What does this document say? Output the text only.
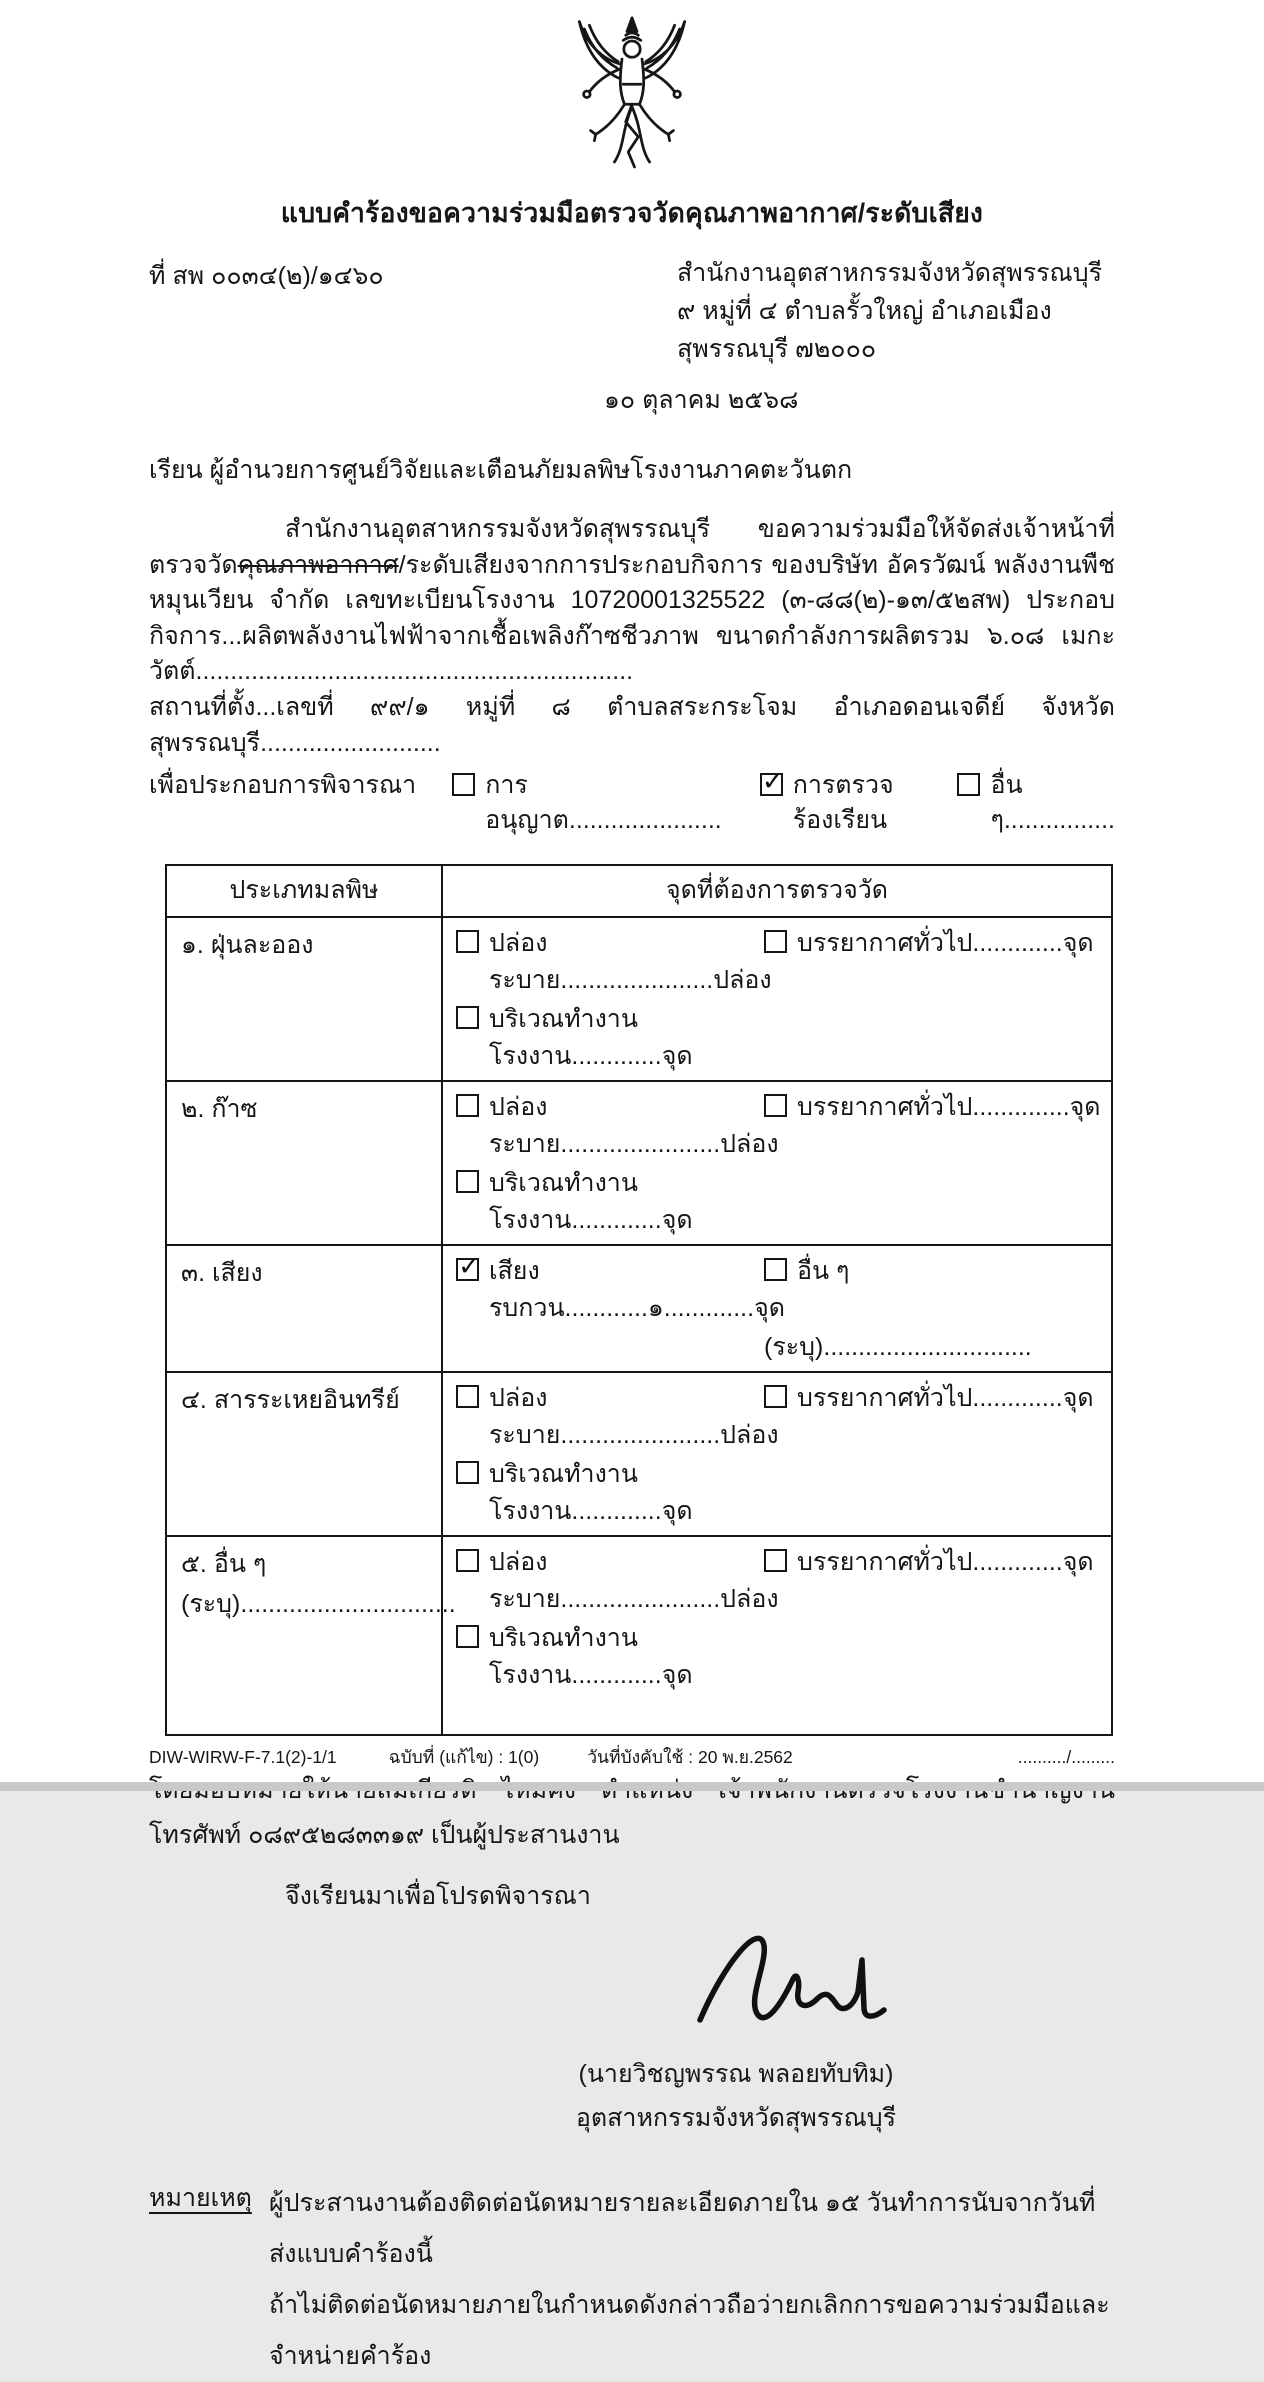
แบบคำร้องขอความร่วมมือตรวจวัดคุณภาพอากาศ/ระดับเสียง
ที่ สพ ๐๐๓๔(๒)/๑๔๖๐	สำนักงานอุตสาหกรรมจังหวัดสุพรรณบุรี
๙ หมู่ที่ ๔ ตำบลรั้วใหญ่ อำเภอเมือง
สุพรรณบุรี ๗๒๐๐๐
๑๐ ตุลาคม ๒๕๖๘
เรียน ผู้อำนวยการศูนย์วิจัยและเตือนภัยมลพิษโรงงานภาคตะวันตก
สำนักงานอุตสาหกรรมจังหวัดสุพรรณบุรี ขอความร่วมมือให้จัดส่งเจ้าหน้าที่ตรวจวัดคุณภาพอากาศ/ระดับเสียงจากการประกอบกิจการ ของบริษัท อัครวัฒน์ พลังงานพืชหมุนเวียน จำกัด เลขทะเบียนโรงงาน 10720001325522 (๓-๘๘(๒)-๑๓/๕๒สพ) ประกอบกิจการ...ผลิตพลังงานไฟฟ้าจากเชื้อเพลิงก๊าซชีวภาพ ขนาดกำลังการผลิตรวม ๖.๐๘ เมกะวัตต์...............................................................
สถานที่ตั้ง...เลขที่ ๙๙/๑ หมู่ที่ ๘ ตำบลสระกระโจม อำเภอดอนเจดีย์ จังหวัดสุพรรณบุรี..........................
เพื่อประกอบการพิจารณา	การอนุญาต......................
✓ การตรวจร้องเรียน
อื่น ๆ................
ประเภทมลพิษ	จุดที่ต้องการตรวจวัด

๑. ฝุ่นละออง	ปล่องระบาย......................ปล่อง
บรรยากาศทั่วไป.............จุด
บริเวณทำงานโรงงาน.............จุด

๒. ก๊าซ	ปล่องระบาย.......................ปล่อง
บรรยากาศทั่วไป..............จุด
บริเวณทำงานโรงงาน.............จุด

๓. เสียง	✓ เสียงรบกวน............๑.............จุด
อื่น ๆ
(ระบุ)..............................

๔. สารระเหยอินทรีย์	ปล่องระบาย.......................ปล่อง
บรรยากาศทั่วไป.............จุด
บริเวณทำงานโรงงาน.............จุด

๕. อื่น ๆ
(ระบุ)...............................

ปล่องระบาย.......................ปล่อง
บรรยากาศทั่วไป.............จุด
บริเวณทำงานโรงงาน.............จุด
โทรศัพท์ ๐๘๙๕๒๘๓๓๑๙ เป็นผู้ประสานงาน
จึงเรียนมาเพื่อโปรดพิจารณา
(นายวิชญพรรณ พลอยทับทิม)
อุตสาหกรรมจังหวัดสุพรรณบุรี
หมายเหตุ ผู้ประสานงานต้องติดต่อนัดหมายรายละเอียดภายใน ๑๕ วันทำการนับจากวันที่ส่งแบบคำร้องนี้
ถ้าไม่ติดต่อนัดหมายภายในกำหนดดังกล่าวถือว่ายกเลิกการขอความร่วมมือและจำหน่ายคำร้อง
DIW-WIRW-F-7.1(2)-1/1	ฉบับที่ (แก้ไข) : 1(0)	วันที่บังคับใช้ : 20 พ.ย.2562	........../.........
